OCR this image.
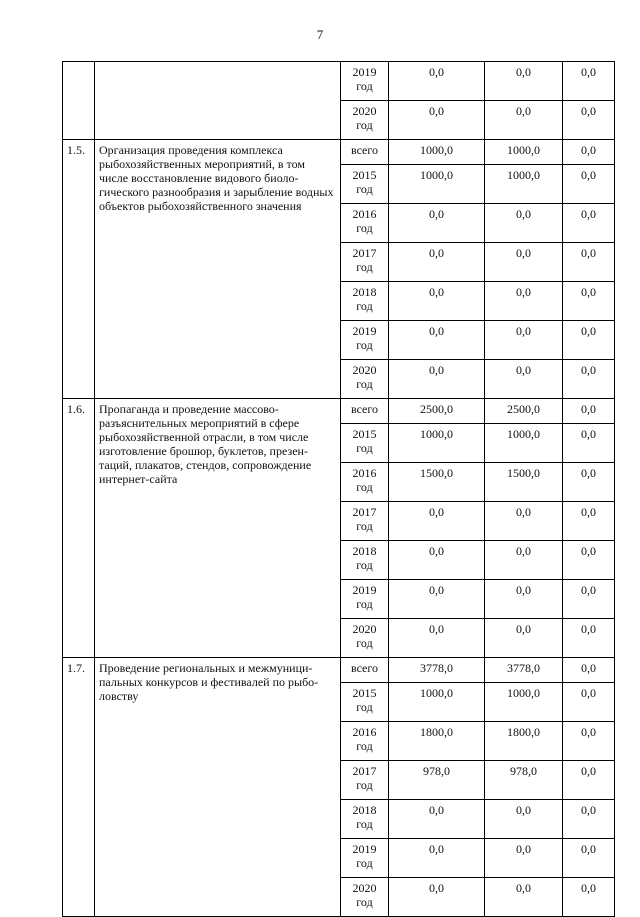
7

		2019
год	0,0	0,0	0,0

		2020
год	0,0	0,0	0,0
1.5.	Организация проведения комплекса рыбохозяйственных мероприятий, в том числе восстановление видового биоло-гического разнообразия и зарыбление водных объектов рыбохозяйственного значения	всего	1000,0	1000,0	0,0

		2015
год	1000,0	1000,0	0,0

		2016
год	0,0	0,0	0,0

		2017
год	0,0	0,0	0,0

		2018
год	0,0	0,0	0,0

		2019
год	0,0	0,0	0,0

		2020
год	0,0	0,0	0,0
1.6.	Пропаганда и проведение массово-разъяснительных мероприятий в сфере рыбохозяйственной отрасли, в том числе изготовление брошюр, буклетов, презен-таций, плакатов, стендов, сопровождение интернет-сайта	всего	2500,0	2500,0	0,0

		2015
год	1000,0	1000,0	0,0

		2016
год	1500,0	1500,0	0,0

		2017
год	0,0	0,0	0,0

		2018
год	0,0	0,0	0,0

		2019
год	0,0	0,0	0,0

		2020
год	0,0	0,0	0,0
1.7.	Проведение региональных и межмуници-пальных конкурсов и фестивалей по рыбо-ловству	всего	3778,0	3778,0	0,0

		2015
год	1000,0	1000,0	0,0

		2016
год	1800,0	1800,0	0,0

		2017
год	978,0	978,0	0,0

		2018
год	0,0	0,0	0,0

		2019
год	0,0	0,0	0,0

		2020
год	0,0	0,0	0,0
